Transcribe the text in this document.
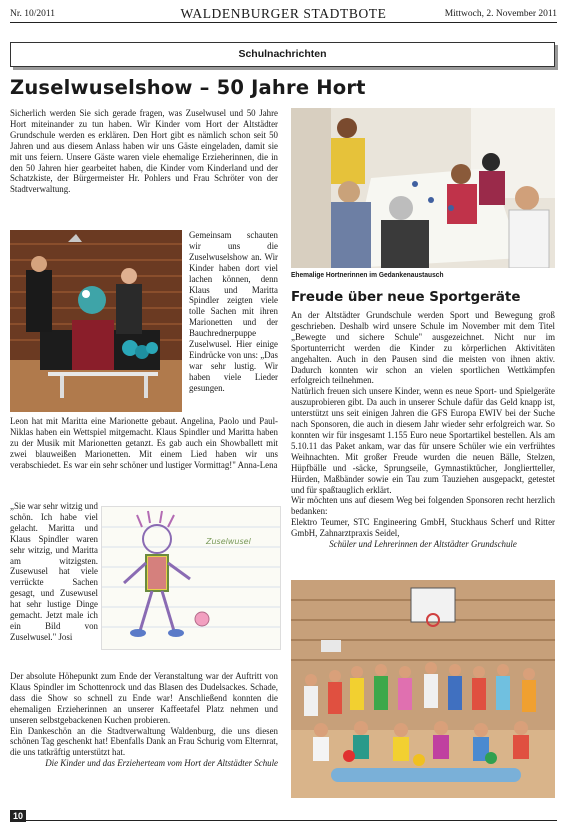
Nr. 10/2011	WALDENBURGER STADTBOTE	Mittwoch, 2. November 2011
Schulnachrichten
Zuselwuselshow – 50 Jahre Hort

Sicherlich werden Sie sich gerade fragen, was Zuselwusel und 50 Jahre Hort miteinander zu tun haben. Wir Kinder vom Hort der Altstädter Grundschule werden es erklären. Den Hort gibt es nämlich schon seit 50 Jahren und aus diesem Anlass haben wir uns Gäste eingeladen, damit sie mit uns feiern. Unsere Gäste waren viele ehemalige Erzieherinnen, die in den 50 Jahren hier gearbeitet haben, die Kinder vom Kinderland und der Schatzkiste, der Bürgermeister Hr. Pohlers und Frau Schröter von der Stadtverwaltung.

Gemeinsam schauten wir uns die Zuselwuselshow an. Wir Kinder haben dort viel lachen können, denn Klaus und Maritta Spindler zeigten viele tolle Sachen mit ihren Marionetten und der Bauchrednerpuppe Zuselwusel. Hier einige Eindrücke von uns: „Das war sehr lustig. Wir haben viele Lieder gesungen.

Leon hat mit Maritta eine Marionette gebaut. Angelina, Paolo und Paul-Niklas haben ein Wettspiel mitgemacht. Klaus Spindler und Maritta haben zu der Musik mit Marionetten getanzt. Es gab auch ein Showballett mit zwei blauweißen Marionetten. Mit einem Lied haben wir uns verabschiedet. Es war ein sehr schöner und lustiger Vormittag!" Anna-Lena

„Sie war sehr witzig und schön. Ich habe viel gelacht. Maritta und Klaus Spindler waren sehr witzig, und Maritta am witzigsten. Zusewusel hat viele verrückte Sachen gesagt, und Zusewusel hat sehr lustige Dinge gemacht. Jetzt male ich ein Bild von Zuselwusel." Josi

Zuselwusel

Der absolute Höhepunkt zum Ende der Veranstaltung war der Auftritt von Klaus Spindler im Schottenrock und das Blasen des Dudelsackes. Schade, dass die Show so schnell zu Ende war! Anschließend konnten die ehemaligen Erzieherinnen an unserer Kaffeetafel Platz nehmen und unseren selbstgebackenen Kuchen probieren.

Ein Dankeschön an die Stadtverwaltung Waldenburg, die uns diesen schönen Tag geschenkt hat! Ebenfalls Dank an Frau Schurig vom Elternrat, die uns tatkräftig unterstützt hat.

Die Kinder und das Erzieherteam vom Hort der Altstädter Schule

Ehemalige Hortnerinnen im Gedankenaustausch
Freude über neue Sportgeräte

An der Altstädter Grundschule werden Sport und Bewegung groß geschrieben. Deshalb wird unsere Schule im November mit dem Titel „Bewegte und sichere Schule" ausgezeichnet. Nicht nur im Sportunterricht werden die Kinder zu körperlichen Aktivitäten angehalten. Auch in den Pausen sind die meisten von ihnen aktiv. Dadurch konnten wir schon an vielen sportlichen Wettkämpfen erfolgreich teilnehmen.

Natürlich freuen sich unsere Kinder, wenn es neue Sport- und Spielgeräte auszuprobieren gibt. Da auch in unserer Schule dafür das Geld knapp ist, unterstützt uns seit einigen Jahren die GFS Europa EWIV bei der Suche nach Sponsoren, die auch in diesem Jahr wieder sehr erfolgreich war. So konnten wir für insgesamt 1.155 Euro neue Sportartikel bestellen. Als am 5.10.11 das Paket ankam, war das für unsere Schüler wie ein verfrühtes Weihnachten. Mit großer Freude wurden die neuen Bälle, Stelzen, Hüpfbälle und -säcke, Sprungseile, Gymnastiktücher, Jongliertteller, Hürden, Maßbänder sowie ein Tau zum Tauziehen ausgepackt, getestet und für spaßtauglich erklärt.

Wir möchten uns auf diesem Weg bei folgenden Sponsoren recht herzlich bedanken:

Elektro Teumer, STC Engineering GmbH, Stuckhaus Scherf und Ritter GmbH, Zahnarztpraxis Seidel,

Schüler und Lehrerinnen der Altstädter Grundschule

10
